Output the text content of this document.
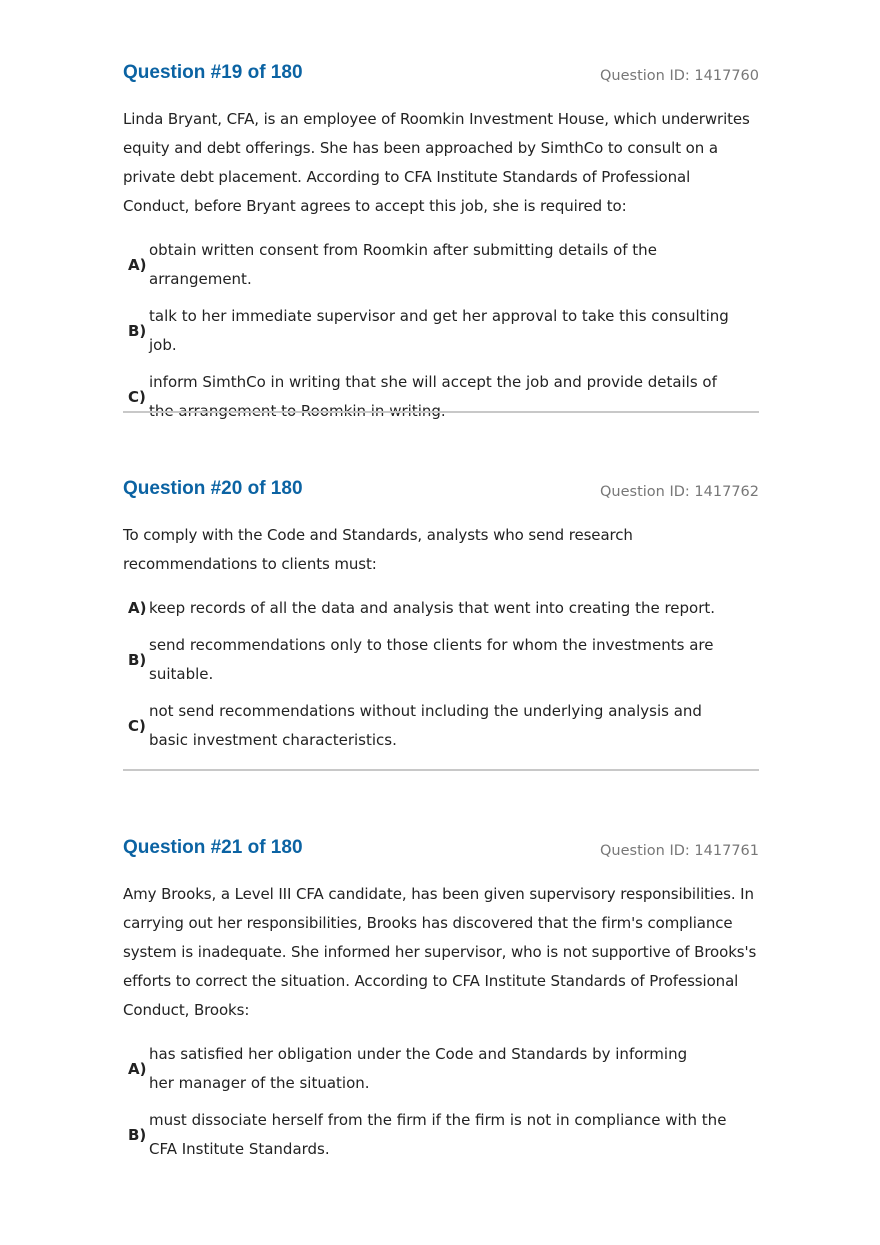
Question #19 of 180	Question ID: 1417760
Linda Bryant, CFA, is an employee of Roomkin Investment House, which underwrites equity and debt offerings. She has been approached by SimthCo to consult on a private debt placement. According to CFA Institute Standards of Professional Conduct, before Bryant agrees to accept this job, she is required to:
A)
obtain written consent from Roomkin after submitting details of the arrangement.
B)
talk to her immediate supervisor and get her approval to take this consulting job.
C)
inform SimthCo in writing that she will accept the job and provide details of the arrangement to Roomkin in writing.
Question #20 of 180	Question ID: 1417762
To comply with the Code and Standards, analysts who send research recommendations to clients must:
A) keep records of all the data and analysis that went into creating the report.
B)
send recommendations only to those clients for whom the investments are suitable.
C)
not send recommendations without including the underlying analysis and basic investment characteristics.
Question #21 of 180	Question ID: 1417761
Amy Brooks, a Level III CFA candidate, has been given supervisory responsibilities. In carrying out her responsibilities, Brooks has discovered that the firm's compliance system is inadequate. She informed her supervisor, who is not supportive of Brooks's efforts to correct the situation. According to CFA Institute Standards of Professional Conduct, Brooks:
A)
has satisfied her obligation under the Code and Standards by informing her manager of the situation.
B)
must dissociate herself from the firm if the firm is not in compliance with the CFA Institute Standards.
